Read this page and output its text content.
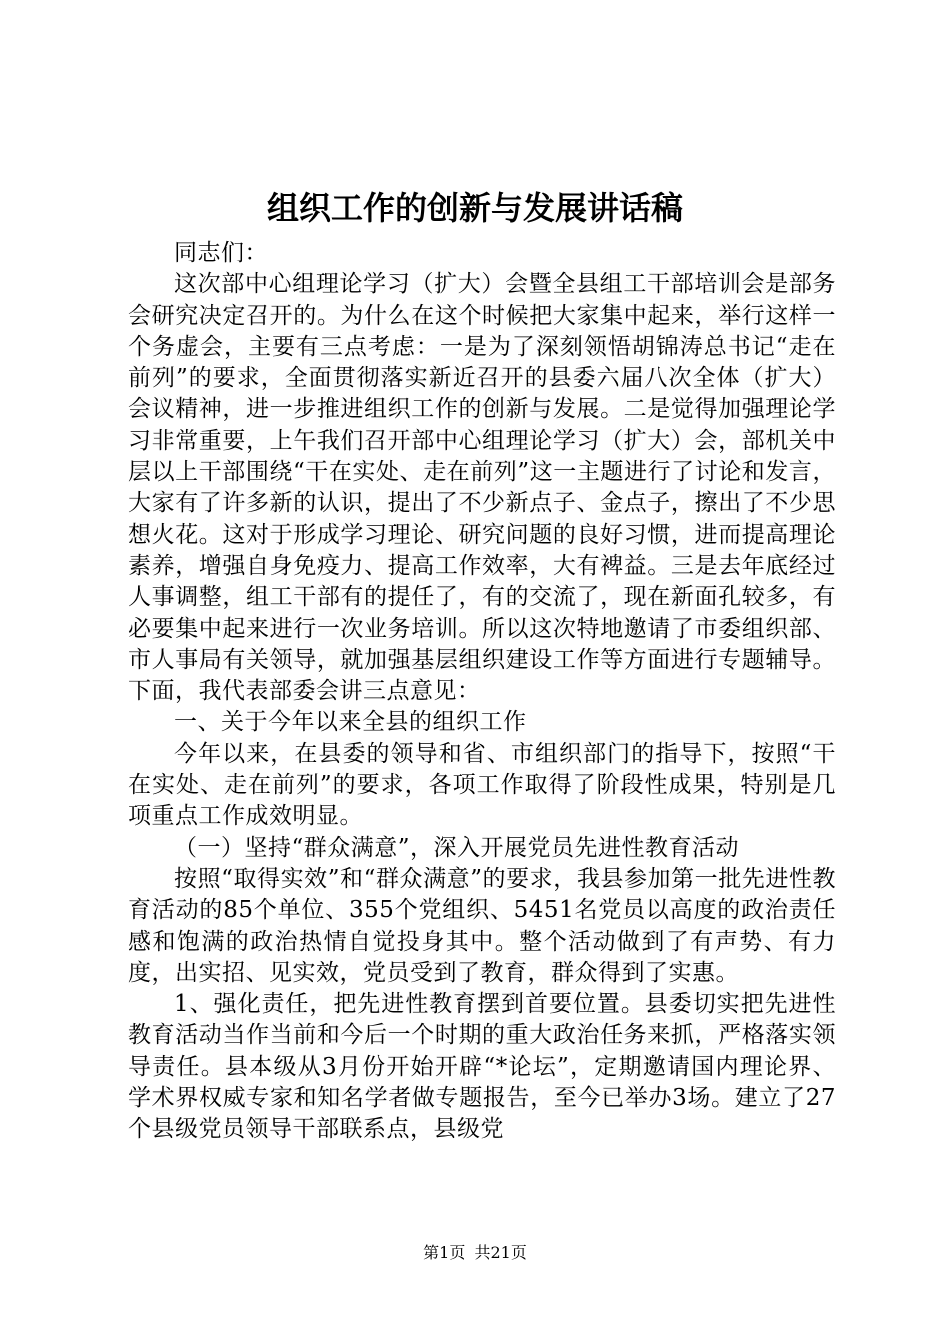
组织工作的创新与发展讲话稿

同志们：

这次部中心组理论学习（扩大）会暨全县组工干部培训会是部务会研究决定召开的。为什么在这个时候把大家集中起来，举行这样一个务虚会，主要有三点考虑：一是为了深刻领悟胡锦涛总书记“走在前列”的要求，全面贯彻落实新近召开的县委六届八次全体（扩大）会议精神，进一步推进组织工作的创新与发展。二是觉得加强理论学习非常重要，上午我们召开部中心组理论学习（扩大）会，部机关中层以上干部围绕“干在实处、走在前列”这一主题进行了讨论和发言，大家有了许多新的认识，提出了不少新点子、金点子，擦出了不少思想火花。这对于形成学习理论、研究问题的良好习惯，进而提高理论素养，增强自身免疫力、提高工作效率，大有裨益。三是去年底经过人事调整，组工干部有的提任了，有的交流了，现在新面孔较多，有必要集中起来进行一次业务培训。所以这次特地邀请了市委组织部、市人事局有关领导，就加强基层组织建设工作等方面进行专题辅导。下面，我代表部委会讲三点意见：

一、关于今年以来全县的组织工作

今年以来，在县委的领导和省、市组织部门的指导下，按照“干在实处、走在前列”的要求，各项工作取得了阶段性成果，特别是几项重点工作成效明显。

（一）坚持“群众满意”，深入开展党员先进性教育活动

按照“取得实效”和“群众满意”的要求，我县参加第一批先进性教育活动的85个单位、355个党组织、5451名党员以高度的政治责任感和饱满的政治热情自觉投身其中。整个活动做到了有声势、有力度，出实招、见实效，党员受到了教育，群众得到了实惠。

1、强化责任，把先进性教育摆到首要位置。县委切实把先进性教育活动当作当前和今后一个时期的重大政治任务来抓，严格落实领导责任。县本级从3月份开始开辟“*论坛”，定期邀请国内理论界、学术界权威专家和知名学者做专题报告，至今已举办3场。建立了27个县级党员领导干部联系点，县级党

第1页 共21页
